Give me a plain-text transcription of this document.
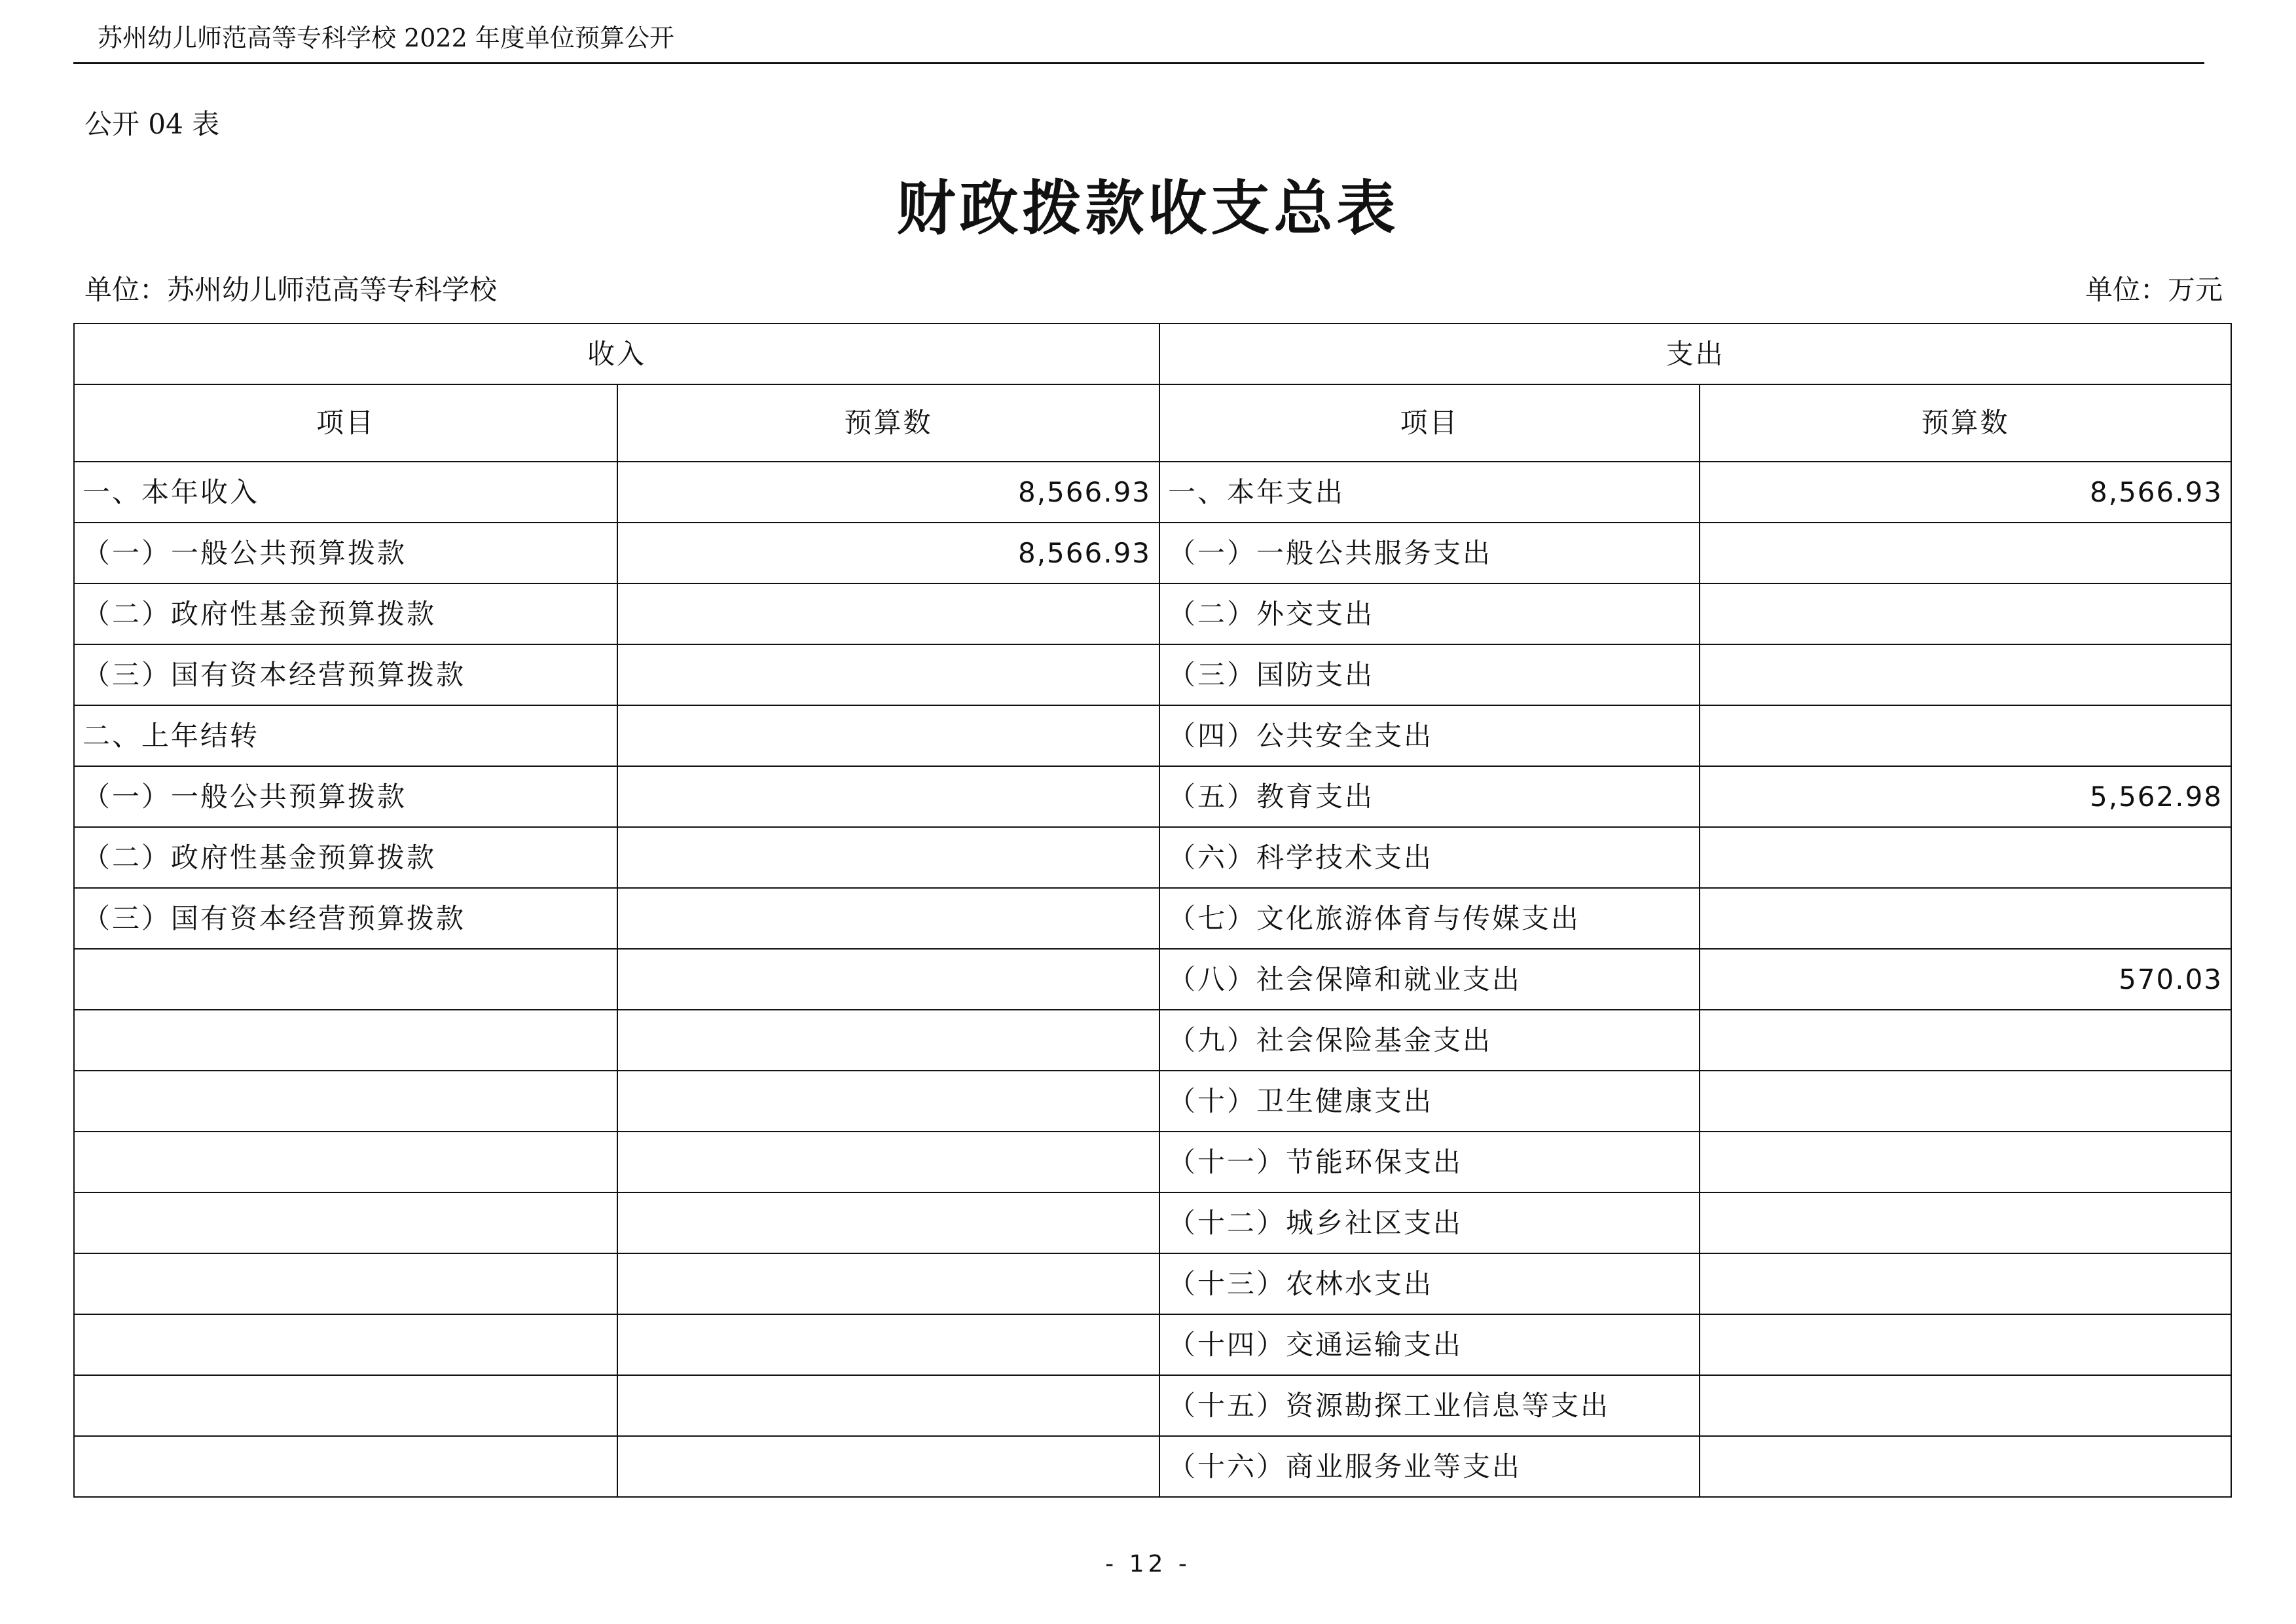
苏州幼儿师范高等专科学校 2022 年度单位预算公开
公开 04 表
财政拨款收支总表
单位：苏州幼儿师范高等专科学校	单位：万元
收入		支出	
项目	预算数	项目	预算数
一、本年收入	8,566.93	一、本年支出	8,566.93
（一）一般公共预算拨款	8,566.93	（一）一般公共服务支出	
（二）政府性基金预算拨款		（二）外交支出	
（三）国有资本经营预算拨款		（三）国防支出	
二、上年结转		（四）公共安全支出	
（一）一般公共预算拨款		（五）教育支出	5,562.98
（二）政府性基金预算拨款		（六）科学技术支出	
（三）国有资本经营预算拨款		（七）文化旅游体育与传媒支出	
		（八）社会保障和就业支出	570.03
		（九）社会保险基金支出	
		（十）卫生健康支出	
		（十一）节能环保支出	
		（十二）城乡社区支出	
		（十三）农林水支出	
		（十四）交通运输支出	
		（十五）资源勘探工业信息等支出	
		（十六）商业服务业等支出	
- 12 -
